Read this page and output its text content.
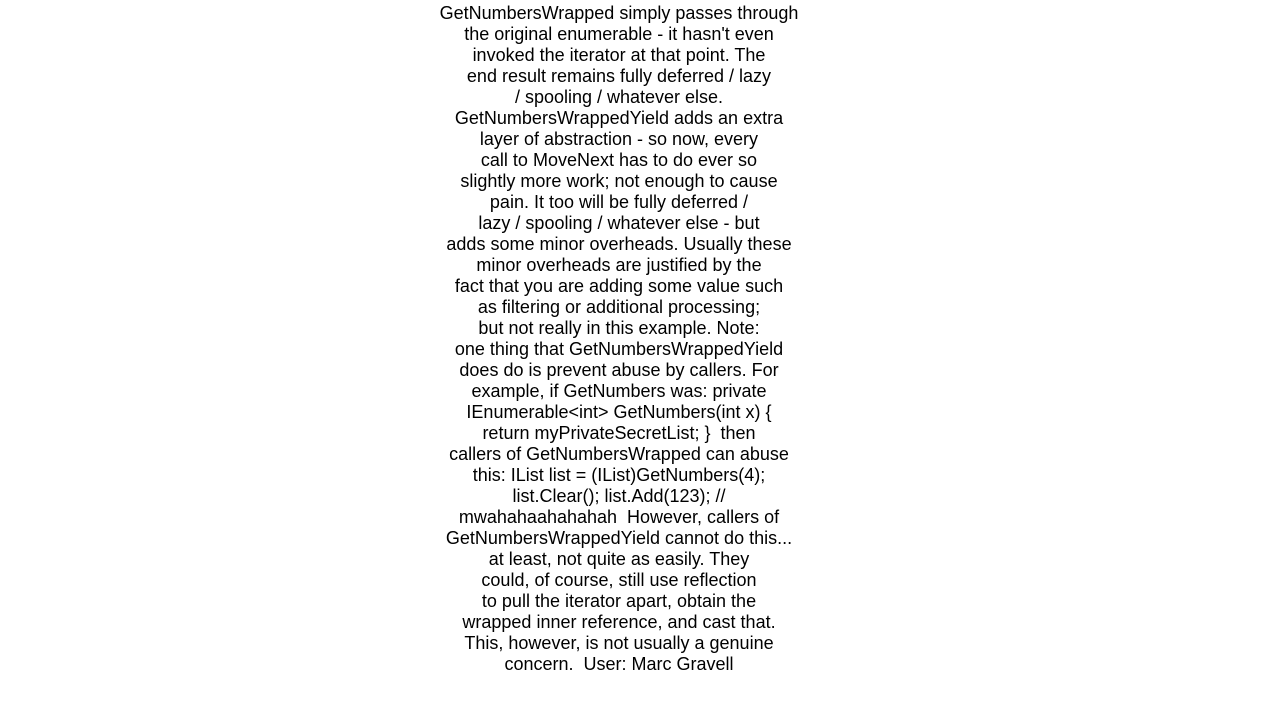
GetNumbersWrapped simply passes through
the original enumerable - it hasn't even
invoked the iterator at that point. The
end result remains fully deferred / lazy
/ spooling / whatever else.
GetNumbersWrappedYield adds an extra
layer of abstraction - so now, every
call to MoveNext has to do ever so
slightly more work; not enough to cause
pain. It too will be fully deferred /
lazy / spooling / whatever else - but
adds some minor overheads. Usually these
minor overheads are justified by the
fact that you are adding some value such
as filtering or additional processing;
but not really in this example. Note:
one thing that GetNumbersWrappedYield
does do is prevent abuse by callers. For
example, if GetNumbers was: private
IEnumerable<int> GetNumbers(int x) {
return myPrivateSecretList; }  then
callers of GetNumbersWrapped can abuse
this: IList list = (IList)GetNumbers(4);
list.Clear(); list.Add(123); //
mwahahaahahahah  However, callers of
GetNumbersWrappedYield cannot do this...
at least, not quite as easily. They
could, of course, still use reflection
to pull the iterator apart, obtain the
wrapped inner reference, and cast that.
This, however, is not usually a genuine
concern.  User: Marc Gravell
